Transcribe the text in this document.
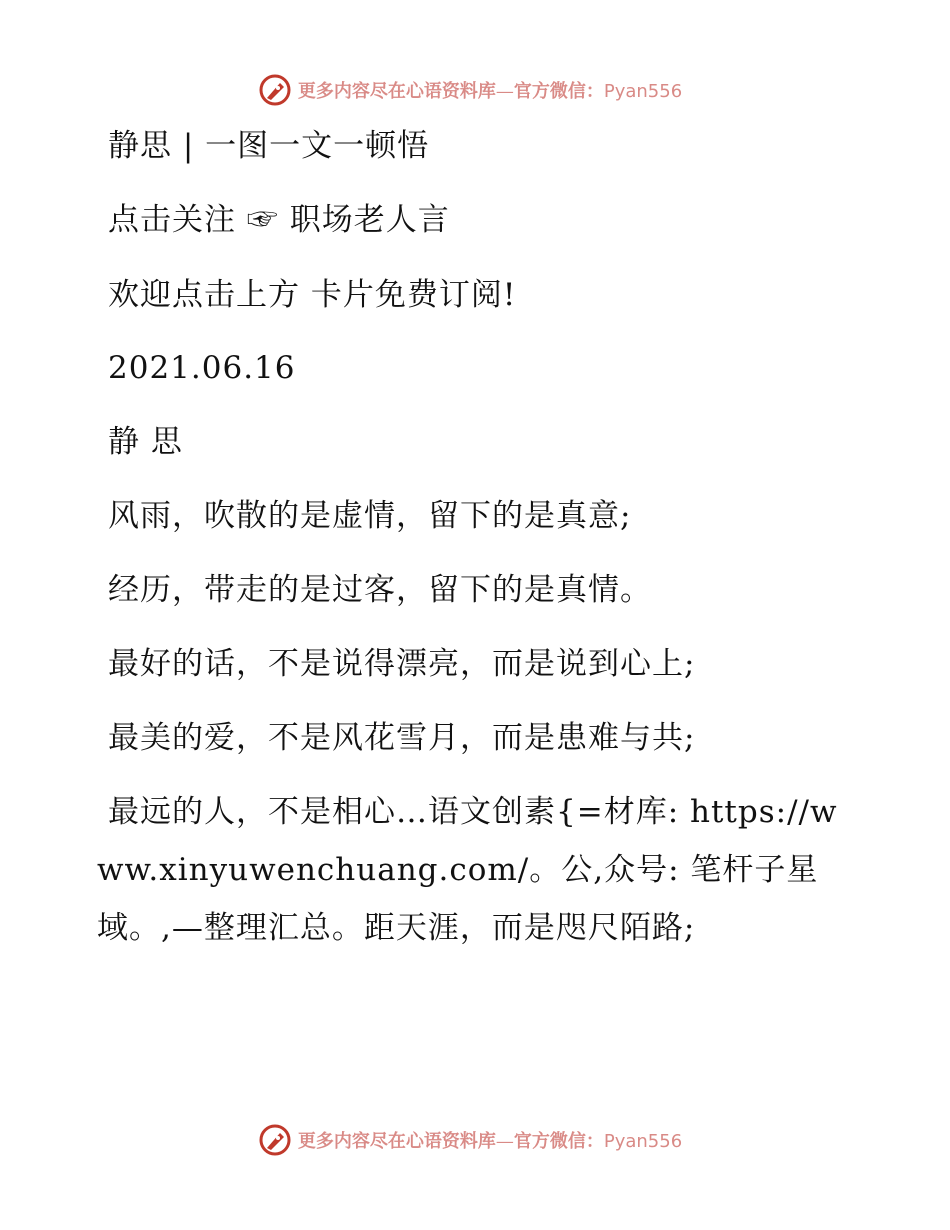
更多内容尽在心语资料库—官方微信：Pyan556
静思 | 一图一文一顿悟
点击关注 ☞ 职场老人言
欢迎点击上方 卡片免费订阅!
2021.06.16
静 思
风雨，吹散的是虚情，留下的是真意;
经历，带走的是过客，留下的是真情。
最好的话，不是说得漂亮，而是说到心上;
最美的爱，不是风花雪月，而是患难与共;
最远的人，不是相心…语文创素{=材库: https://www.xinyuwenchuang.com/。公,众号: 笔杆子星域。,—整理汇总。距天涯，而是咫尺陌路;
更多内容尽在心语资料库—官方微信：Pyan556
